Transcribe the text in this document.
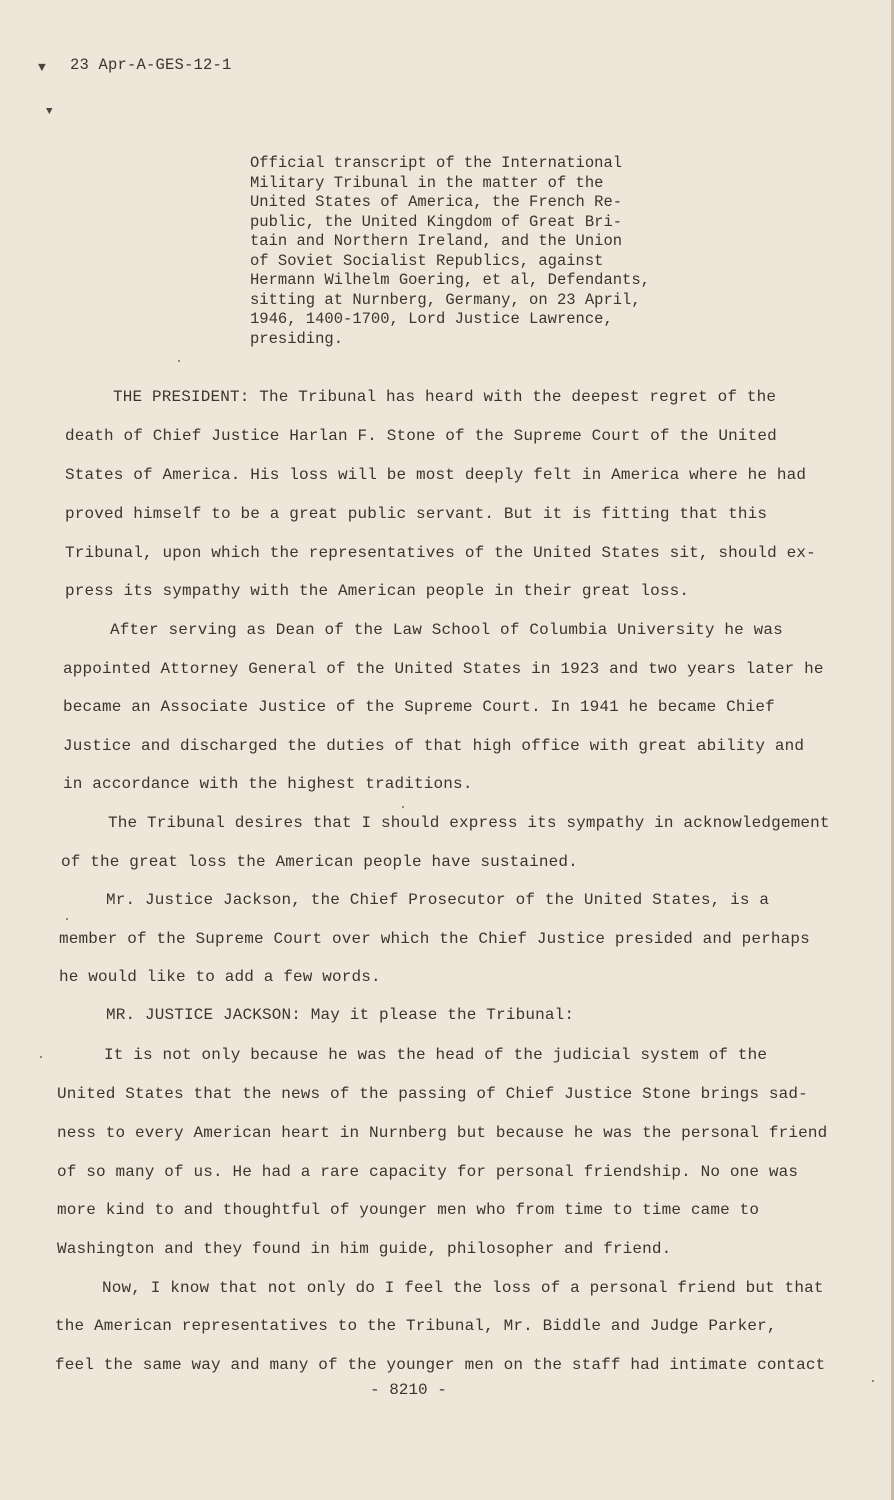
▼
▼
23 Apr-A-GES-12-1

Official transcript of the International
Military Tribunal in the matter of the
United States of America, the French Re-
public, the United Kingdom of Great Bri-
tain and Northern Ireland, and the Union
of Soviet Socialist Republics, against
Hermann Wilhelm Goering, et al, Defendants,
sitting at Nurnberg, Germany, on 23 April,
1946, 1400-1700, Lord Justice Lawrence,
presiding.

THE PRESIDENT: The Tribunal has heard with the deepest regret of the
death of Chief Justice Harlan F. Stone of the Supreme Court of the United
States of America. His loss will be most deeply felt in America where he had
proved himself to be a great public servant. But it is fitting that this
Tribunal, upon which the representatives of the United States sit, should ex-
press its sympathy with the American people in their great loss.
After serving as Dean of the Law School of Columbia University he was
appointed Attorney General of the United States in 1923 and two years later he
became an Associate Justice of the Supreme Court. In 1941 he became Chief
Justice and discharged the duties of that high office with great ability and
in accordance with the highest traditions.
The Tribunal desires that I should express its sympathy in acknowledgement
of the great loss the American people have sustained.
Mr. Justice Jackson, the Chief Prosecutor of the United States, is a
member of the Supreme Court over which the Chief Justice presided and perhaps
he would like to add a few words.
MR. JUSTICE JACKSON: May it please the Tribunal:
It is not only because he was the head of the judicial system of the
United States that the news of the passing of Chief Justice Stone brings sad-
ness to every American heart in Nurnberg but because he was the personal friend
of so many of us. He had a rare capacity for personal friendship. No one was
more kind to and thoughtful of younger men who from time to time came to
Washington and they found in him guide, philosopher and friend.
Now, I know that not only do I feel the loss of a personal friend but that
the American representatives to the Tribunal, Mr. Biddle and Judge Parker,
feel the same way and many of the younger men on the staff had intimate contact
- 8210 -
